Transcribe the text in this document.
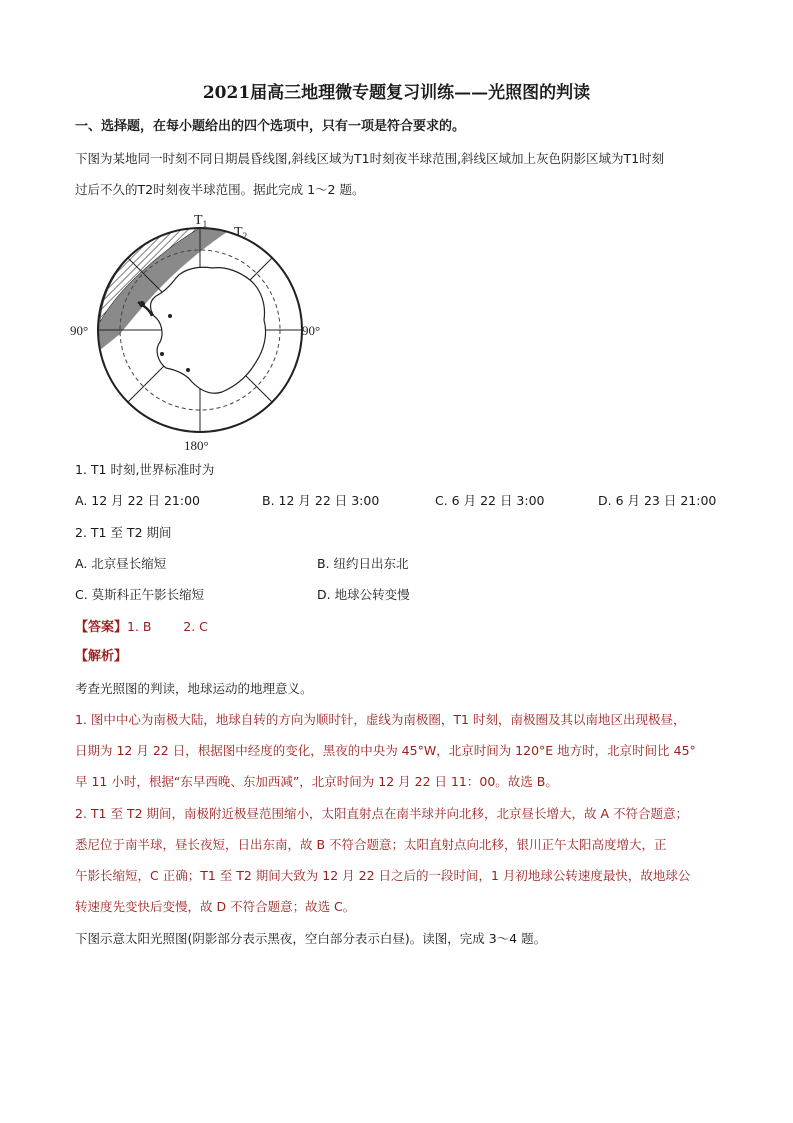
2021届高三地理微专题复习训练——光照图的判读
一、选择题，在每小题给出的四个选项中，只有一项是符合要求的。
下图为某地同一时刻不同日期晨昏线图,斜线区域为T1时刻夜半球范围,斜线区域加上灰色阴影区域为T1时刻
过后不久的T2时刻夜半球范围。据此完成 1～2 题。
$T_1$
$T_2$
90°	90°
180°
1. T1 时刻,世界标准时为
A. 12 月 22 日 21:00	B. 12 月 22 日 3:00	C. 6 月 22 日 3:00	D. 6 月 23 日 21:00
2. T1 至 T2 期间
A. 北京昼长缩短	B. 纽约日出东北
C. 莫斯科正午影长缩短	D. 地球公转变慢
【答案】1. B        2. C
【解析】
考查光照图的判读，地球运动的地理意义。
1. 图中中心为南极大陆，地球自转的方向为顺时针，虚线为南极圈，T1 时刻，南极圈及其以南地区出现极昼，
日期为 12 月 22 日，根据图中经度的变化，黑夜的中央为 45°W，北京时间为 120°E 地方时，北京时间比 45°
早 11 小时，根据“东早西晚、东加西减”，北京时间为 12 月 22 日 11：00。故选 B。
2. T1 至 T2 期间，南极附近极昼范围缩小，太阳直射点在南半球并向北移，北京昼长增大，故 A 不符合题意；
悉尼位于南半球，昼长夜短，日出东南，故 B 不符合题意；太阳直射点向北移，银川正午太阳高度增大，正
午影长缩短，C 正确；T1 至 T2 期间大致为 12 月 22 日之后的一段时间，1 月初地球公转速度最快，故地球公
转速度先变快后变慢，故 D 不符合题意；故选 C。
下图示意太阳光照图(阴影部分表示黑夜，空白部分表示白昼)。读图，完成 3～4 题。
